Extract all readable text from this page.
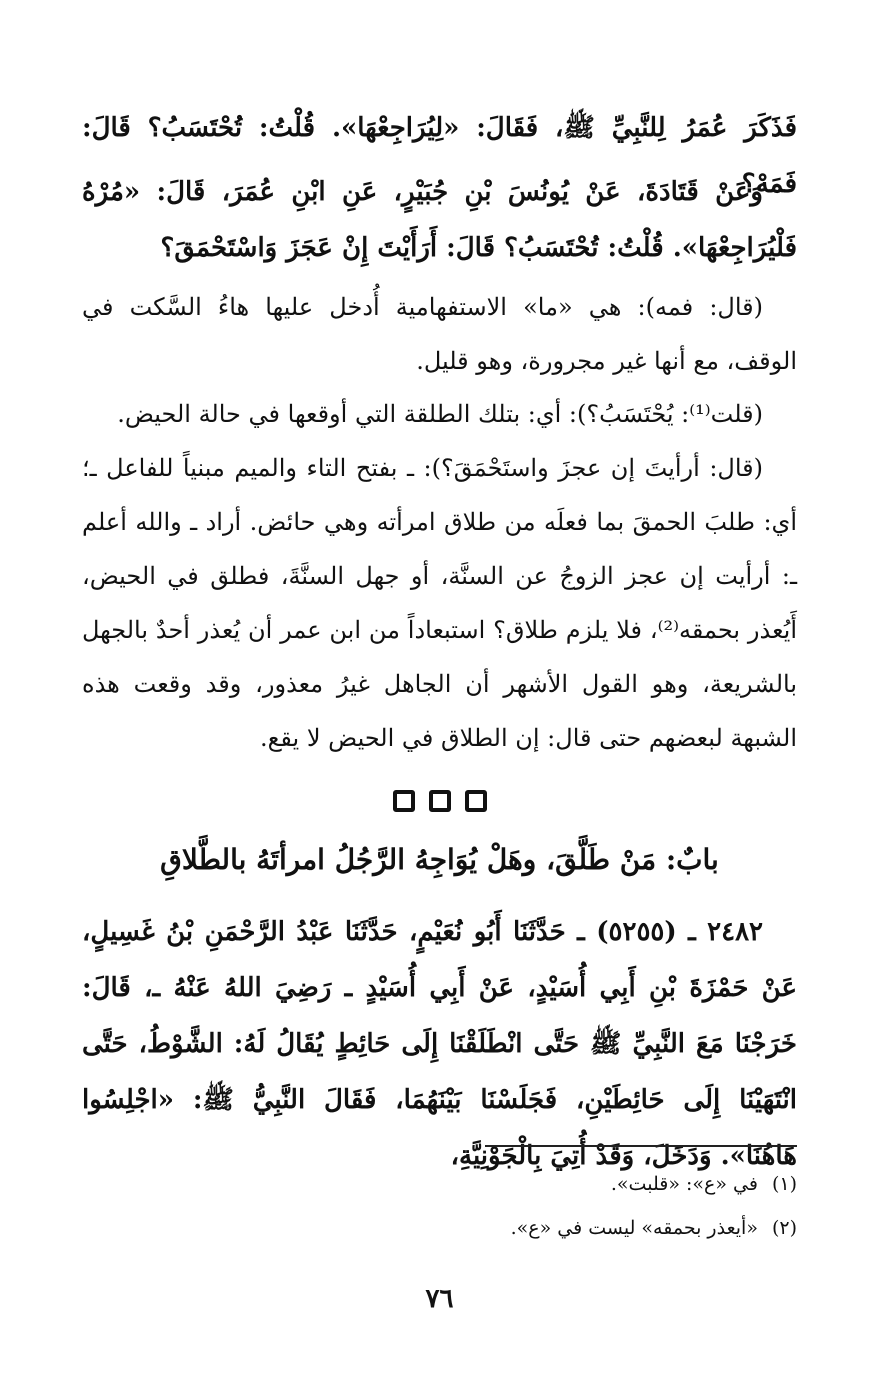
فَذَكَرَ عُمَرُ لِلنَّبِيِّ ﷺ، فَقَالَ: «لِيُرَاجِعْهَا». قُلْتُ: تُحْتَسَبُ؟ قَالَ: فَمَهْ؟
وَعَنْ قَتَادَةَ، عَنْ يُونُسَ بْنِ جُبَيْرٍ، عَنِ ابْنِ عُمَرَ، قَالَ: «مُرْهُ فَلْيُرَاجِعْهَا». قُلْتُ: تُحْتَسَبُ؟ قَالَ: أَرَأَيْتَ إِنْ عَجَزَ وَاسْتَحْمَقَ؟
(قال: فمه): هي «ما» الاستفهامية أُدخل عليها هاءُ السَّكت في الوقف، مع أنها غير مجرورة، وهو قليل.
(قلت⁽¹⁾: يُحْتَسَبُ؟): أي: بتلك الطلقة التي أوقعها في حالة الحيض.
(قال: أرأيتَ إن عجزَ واستَحْمَقَ؟): ـ بفتح التاء والميم مبنياً للفاعل ـ؛ أي: طلبَ الحمقَ بما فعلَه من طلاق امرأته وهي حائض. أراد ـ والله أعلم ـ: أرأيت إن عجز الزوجُ عن السنَّة، أو جهل السنَّةَ، فطلق في الحيض، أَيُعذر بحمقه⁽²⁾، فلا يلزم طلاق؟ استبعاداً من ابن عمر أن يُعذر أحدٌ بالجهل بالشريعة، وهو القول الأشهر أن الجاهل غيرُ معذور، وقد وقعت هذه الشبهة لبعضهم حتى قال: إن الطلاق في الحيض لا يقع.
بابٌ: مَنْ طَلَّقَ، وهَلْ يُوَاجِهُ الرَّجُلُ امرأتَهُ بالطَّلاقِ
٢٤٨٢ ـ (٥٢٥٥) ـ حَدَّثَنَا أَبُو نُعَيْمٍ، حَدَّثَنَا عَبْدُ الرَّحْمَنِ بْنُ غَسِيلٍ، عَنْ حَمْزَةَ بْنِ أَبِي أُسَيْدٍ، عَنْ أَبِي أُسَيْدٍ ـ رَضِيَ اللهُ عَنْهُ ـ، قَالَ: خَرَجْنَا مَعَ النَّبِيِّ ﷺ حَتَّى انْطَلَقْنَا إِلَى حَائِطٍ يُقَالُ لَهُ: الشَّوْطُ، حَتَّى انْتَهَيْنَا إِلَى حَائِطَيْنِ، فَجَلَسْنَا بَيْنَهُمَا، فَقَالَ النَّبِيُّ ﷺ: «اجْلِسُوا هَاهُنَا». وَدَخَلَ، وَقَدْ أُتِيَ بِالْجَوْنِيَّةِ،
(١)في «ع»: «قلبت».
(٢)«أيعذر بحمقه» ليست في «ع».
٧٦
